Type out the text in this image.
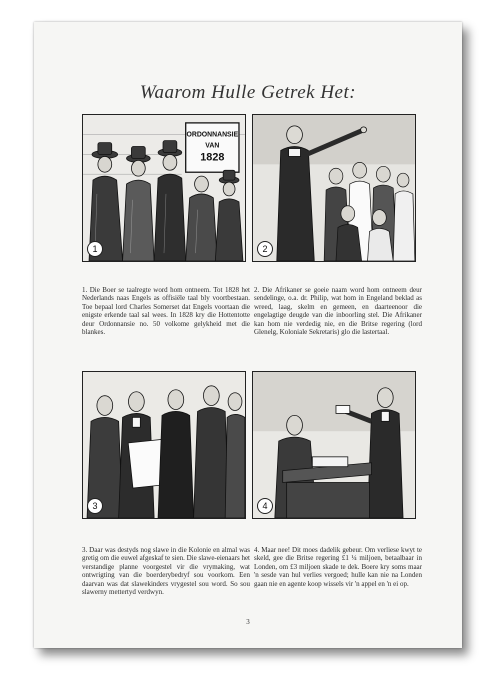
Waarom Hulle Getrek Het:
ORDONNANSIE
VAN
1828
1	2

1. Die Boer se taalregte word hom ontneem. Tot 1828 het Nederlands naas Engels as offisiële taal bly voortbestaan. Toe bepaal lord Charles Somerset dat Engels voortaan die enigste erkende taal sal wees. In 1828 kry die Hottentotte deur Ordonnansie no. 50 volkome gelykheid met die blankes.

2. Die Afrikaner se goeie naam word hom ontneem deur sendelinge, o.a. dr. Philip, wat hom in Engeland beklad as wreed, laag, skelm en gemeen, en daarteenoor die engelagtige deugde van die inboorling stel. Die Afrikaner kan hom nie verdedig nie, en die Britse regering (lord Glenelg, Koloniale Sekretaris) glo die lastertaal.

3	4

3. Daar was destyds nog slawe in die Kolonie en almal was gretig om die euwel afgeskaf te sien. Die slawe-eienaars het verstandige planne voorgestel vir die vrymaking, wat ontwrigting van die boerderybedryf sou voorkom. Een daarvan was dat slawekinders vrygestel sou word. So sou slawerny mettertyd verdwyn.

4. Maar nee! Dit moes dadelik gebeur. Om verliese kwyt te skeld, gee die Britse regering £1 ¼ miljoen, betaalbaar in Londen, om £3 miljoen skade te dek. Boere kry soms maar 'n sesde van hul verlies vergoed; hulle kan nie na Londen gaan nie en agente koop wissels vir 'n appel en 'n ei op.

3
